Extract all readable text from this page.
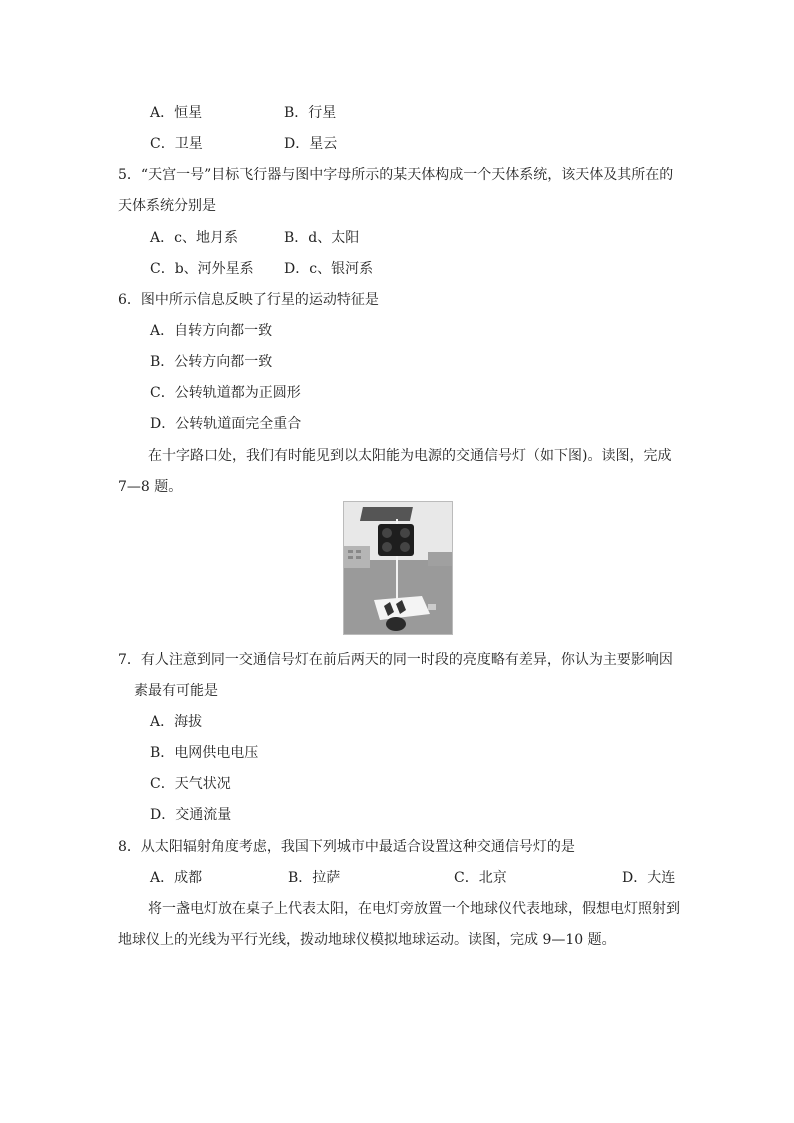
A．恒星	B．行星
C．卫星	D．星云
5．“天宫一号”目标飞行器与图中字母所示的某天体构成一个天体系统，该天体及其所在的
天体系统分别是
A．c、地月系	B．d、太阳
C．b、河外星系 D．c、银河系
6．图中所示信息反映了行星的运动特征是
A．自转方向都一致
B．公转方向都一致
C．公转轨道都为正圆形
D．公转轨道面完全重合
在十字路口处，我们有时能见到以太阳能为电源的交通信号灯（如下图)。读图，完成
7—8 题。
7．有人注意到同一交通信号灯在前后两天的同一时段的亮度略有差异，你认为主要影响因
素最有可能是
A．海拔
B．电网供电电压
C．天气状况
D．交通流量
8．从太阳辐射角度考虑，我国下列城市中最适合设置这种交通信号灯的是
A．成都	B．拉萨	C．北京	D．大连
将一盏电灯放在桌子上代表太阳，在电灯旁放置一个地球仪代表地球，假想电灯照射到
地球仪上的光线为平行光线，拨动地球仪模拟地球运动。读图，完成 9—10 题。
